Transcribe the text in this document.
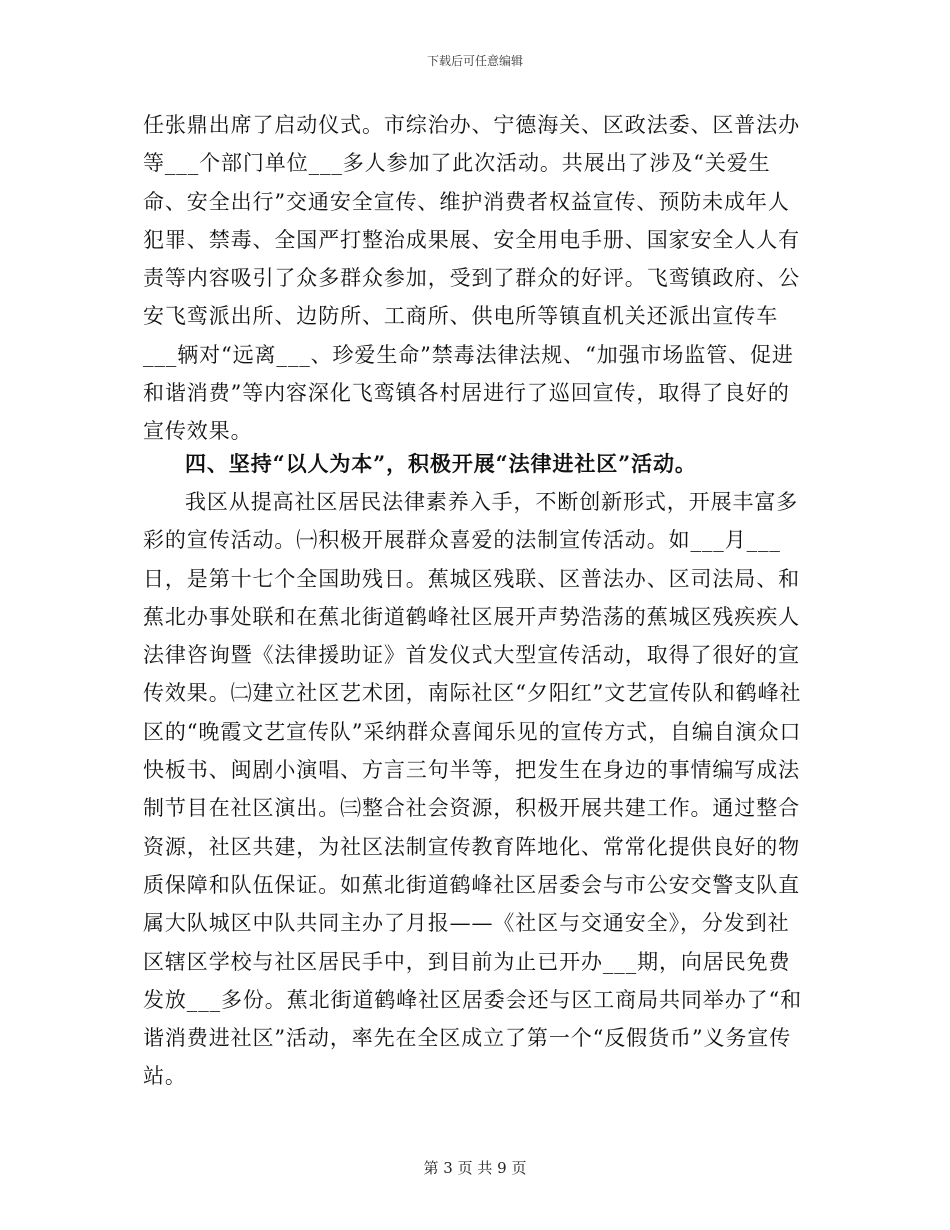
下载后可任意编辑

任张鼎出席了启动仪式。市综治办、宁德海关、区政法委、区普法办等___个部门单位___多人参加了此次活动。共展出了涉及“关爱生命、安全出行”交通安全宣传、维护消费者权益宣传、预防未成年人犯罪、禁毒、全国严打整治成果展、安全用电手册、国家安全人人有责等内容吸引了众多群众参加，受到了群众的好评。飞鸾镇政府、公安飞鸾派出所、边防所、工商所、供电所等镇直机关还派出宣传车___辆对“远离___、珍爱生命”禁毒法律法规、“加强市场监管、促进和谐消费”等内容深化飞鸾镇各村居进行了巡回宣传，取得了良好的宣传效果。

四、坚持“以人为本”，积极开展“法律进社区”活动。

我区从提高社区居民法律素养入手，不断创新形式，开展丰富多彩的宣传活动。㈠积极开展群众喜爱的法制宣传活动。如___月___日，是第十七个全国助残日。蕉城区残联、区普法办、区司法局、和蕉北办事处联和在蕉北街道鹤峰社区展开声势浩荡的蕉城区残疾疾人法律咨询暨《法律援助证》首发仪式大型宣传活动，取得了很好的宣传效果。㈡建立社区艺术团，南际社区“夕阳红”文艺宣传队和鹤峰社区的“晚霞文艺宣传队”采纳群众喜闻乐见的宣传方式，自编自演众口快板书、闽剧小演唱、方言三句半等，把发生在身边的事情编写成法制节目在社区演出。㈢整合社会资源，积极开展共建工作。通过整合资源，社区共建，为社区法制宣传教育阵地化、常常化提供良好的物质保障和队伍保证。如蕉北街道鹤峰社区居委会与市公安交警支队直属大队城区中队共同主办了月报——《社区与交通安全》，分发到社区辖区学校与社区居民手中，到目前为止已开办___期，向居民免费发放___多份。蕉北街道鹤峰社区居委会还与区工商局共同举办了“和谐消费进社区”活动，率先在全区成立了第一个“反假货币”义务宣传站。

第 3 页 共 9 页
